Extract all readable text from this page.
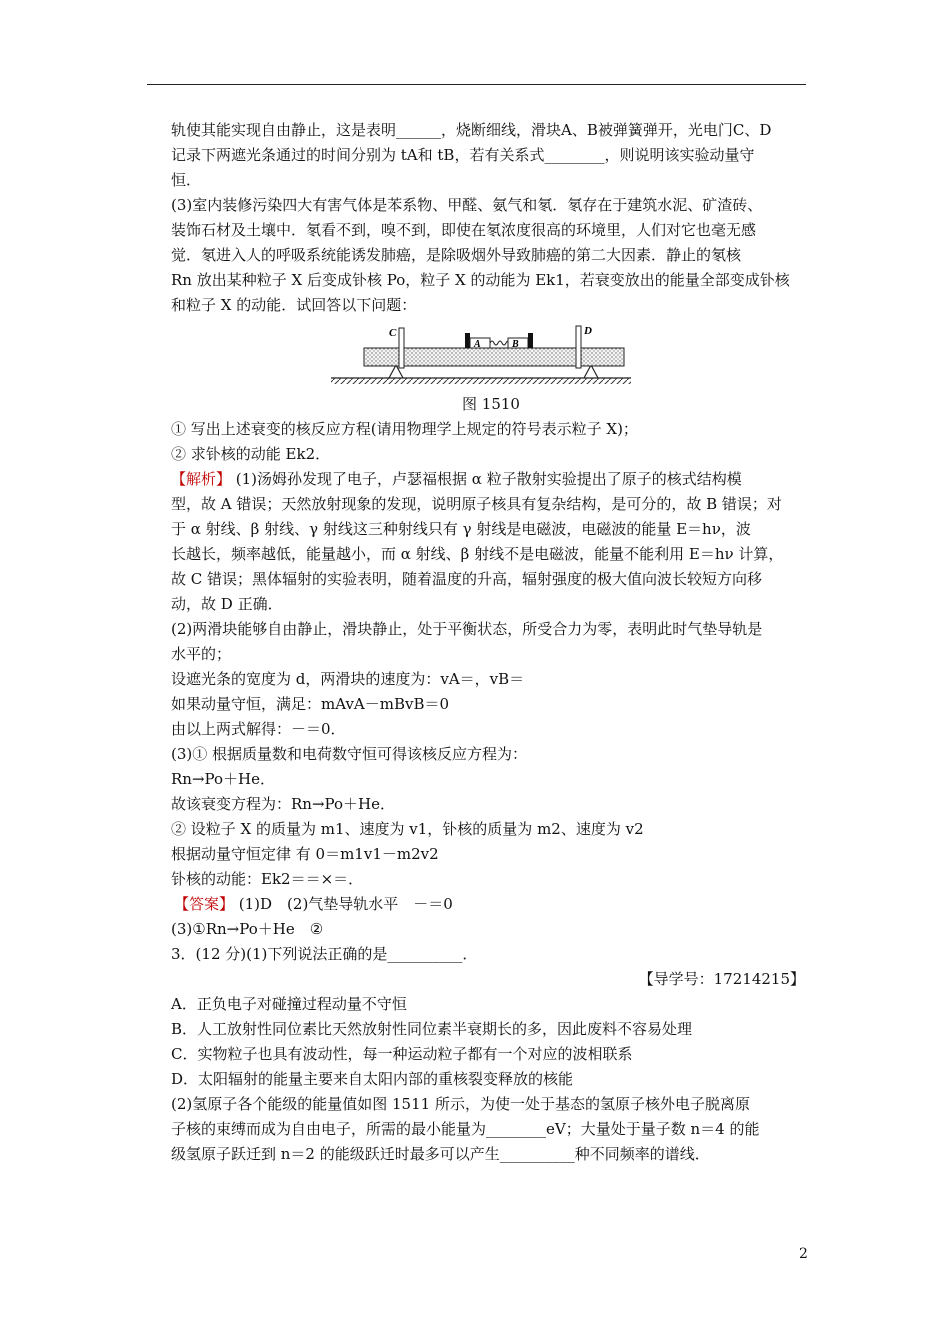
轨使其能实现自由静止，这是表明______，烧断细线，滑块A、B被弹簧弹开，光电门C、D

记录下两遮光条通过的时间分别为 tA和 tB，若有关系式________，则说明该实验动量守

恒．

(3)室内装修污染四大有害气体是苯系物、甲醛、氨气和氡．氡存在于建筑水泥、矿渣砖、

装饰石材及土壤中．氡看不到，嗅不到，即使在氡浓度很高的环境里，人们对它也毫无感

觉．氡进入人的呼吸系统能诱发肺癌，是除吸烟外导致肺癌的第二大因素．静止的氡核

Rn 放出某种粒子 X 后变成钋核 Po，粒子 X 的动能为 Ek1，若衰变放出的能量全部变成钋核

和粒子 X 的动能．试回答以下问题：

C	D
A	B

图 1510

① 写出上述衰变的核反应方程(请用物理学上规定的符号表示粒子 X)；

② 求钋核的动能 Ek2．

【解析】 (1)汤姆孙发现了电子，卢瑟福根据 α 粒子散射实验提出了原子的核式结构模

型，故 A 错误；天然放射现象的发现，说明原子核具有复杂结构，是可分的，故 B 错误；对

于 α 射线、β 射线、γ 射线这三种射线只有 γ 射线是电磁波，电磁波的能量 E＝hν，波

长越长，频率越低，能量越小，而 α 射线、β 射线不是电磁波，能量不能利用 E＝hν 计算，

故 C 错误；黑体辐射的实验表明，随着温度的升高，辐射强度的极大值向波长较短方向移

动，故 D 正确．

(2)两滑块能够自由静止，滑块静止，处于平衡状态，所受合力为零，表明此时气垫导轨是

水平的；

设遮光条的宽度为 d，两滑块的速度为：vA＝，vB＝

如果动量守恒，满足：mAvA－mBvB＝0

由以上两式解得：－＝0．

(3)① 根据质量数和电荷数守恒可得该核反应方程为：

Rn→Po＋He．

故该衰变方程为：Rn→Po＋He．

② 设粒子 X 的质量为 m1、速度为 v1，钋核的质量为 m2、速度为 v2

根据动量守恒定律 有 0＝m1v1－m2v2

钋核的动能：Ek2＝＝×＝．

【答案】 (1)D　(2)气垫导轨水平　－＝0

(3)①Rn→Po＋He　②

3．(12 分)(1)下列说法正确的是__________．

【导学号：17214215】

A．正负电子对碰撞过程动量不守恒

B．人工放射性同位素比天然放射性同位素半衰期长的多，因此废料不容易处理

C．实物粒子也具有波动性，每一种运动粒子都有一个对应的波相联系

D．太阳辐射的能量主要来自太阳内部的重核裂变释放的核能

(2)氢原子各个能级的能量值如图 1511 所示，为使一处于基态的氢原子核外电子脱离原

子核的束缚而成为自由电子，所需的最小能量为________eV；大量处于量子数 n＝4 的能

级氢原子跃迁到 n＝2 的能级跃迁时最多可以产生__________种不同频率的谱线．

2
